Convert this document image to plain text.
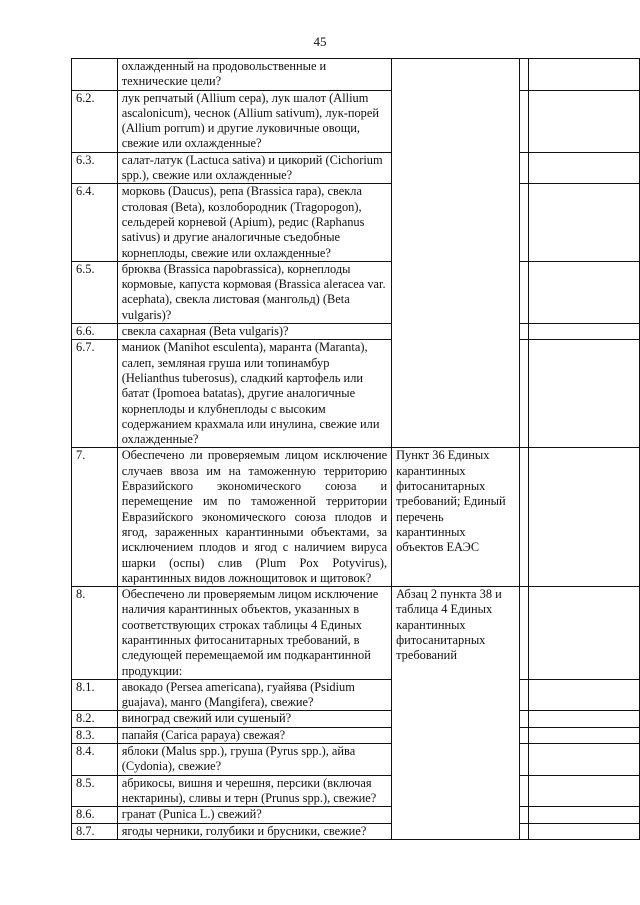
45
	охлажденный на продовольственные и технические цели?			
6.2.	лук репчатый (Allium cepa), лук шалот (Allium ascalonicum), чеснок (Allium sativum), лук-порей (Allium porrum) и другие луковичные овощи, свежие или охлажденные?			
6.3.	салат-латук (Lactuca sativa) и цикорий (Cichorium spp.), свежие или охлажденные?			
6.4.	морковь (Daucus), репа (Brassica rapa), свекла столовая (Beta), козлобородник (Tragopogon), сельдерей корневой (Apium), редис (Raphanus sativus) и другие аналогичные съедобные корнеплоды, свежие или охлажденные?			
6.5.	брюква (Brassica napobrassica), корнеплоды кормовые, капуста кормовая (Brassica aleracea var. acephata), свекла листовая (мангольд) (Beta vulgaris)?			
6.6.	свекла сахарная (Beta vulgaris)?			
6.7.	маниок (Manihot esculenta), маранта (Maranta), салеп, земляная груша или топинамбур (Helianthus tuberosus), сладкий картофель или батат (Ipomoea batatas), другие аналогичные корнеплоды и клубнеплоды с высоким содержанием крахмала или инулина, свежие или охлажденные?			
7.	Обеспечено ли проверяемым лицом исключение случаев ввоза им на таможенную территорию Евразийского экономического союза и перемещение им по таможенной территории Евразийского экономического союза плодов и ягод, зараженных карантинными объектами, за исключением плодов и ягод с наличием вируса шарки (оспы) слив (Plum Pox Potyvirus), карантинных видов ложнощитовок и щитовок?	Пункт 36 Единых карантинных фитосанитарных требований; Единый перечень карантинных объектов ЕАЭС		
8.	Обеспечено ли проверяемым лицом исключение наличия карантинных объектов, указанных в соответствующих строках таблицы 4 Единых карантинных фитосанитарных требований, в следующей перемещаемой им подкарантинной продукции:	Абзац 2 пункта 38 и таблица 4 Единых карантинных фитосанитарных требований		
8.1.	авокадо (Persea americana), гуайява (Psidium guajava), манго (Mangifera), свежие?			
8.2.	виноград свежий или сушеный?			
8.3.	папайя (Carica papaya) свежая?			
8.4.	яблоки (Malus spp.), груша (Pyrus spp.), айва (Cydonia), свежие?			
8.5.	абрикосы, вишня и черешня, персики (включая нектарины), сливы и терн (Prunus spp.), свежие?			
8.6.	гранат (Punica L.) свежий?			
8.7.	ягоды черники, голубики и брусники, свежие?			
